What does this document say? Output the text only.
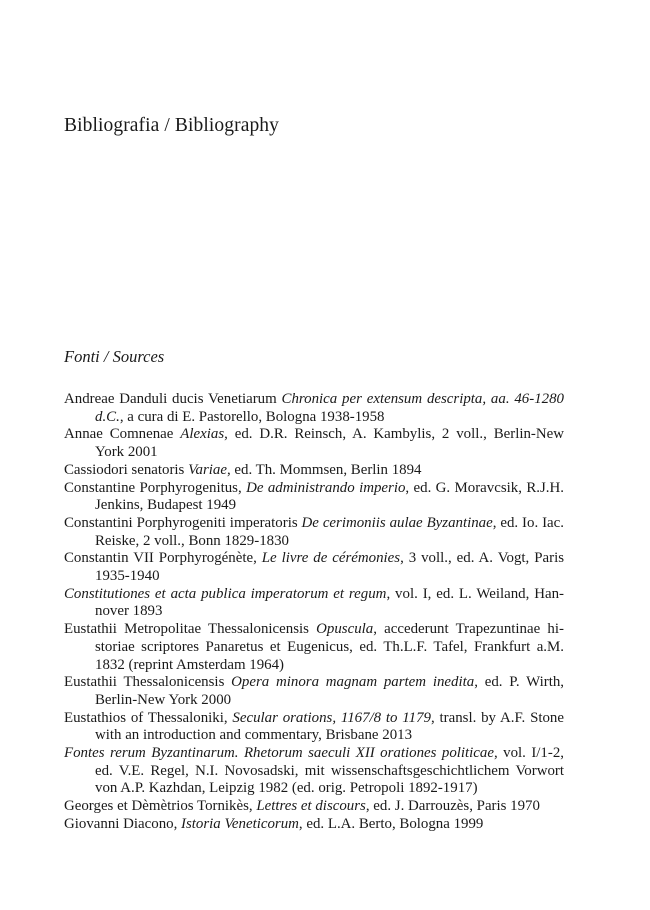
Bibliografia / Bibliography
Fonti / Sources
Andreae Danduli ducis Venetiarum Chronica per extensum descripta, aa. 46-1280 d.C., a cura di E. Pastorello, Bologna 1938-1958
Annae Comnenae Alexias, ed. D.R. Reinsch, A. Kambylis, 2 voll., Berlin-New York 2001
Cassiodori senatoris Variae, ed. Th. Mommsen, Berlin 1894
Constantine Porphyrogenitus, De administrando imperio, ed. G. Moravcsik, R.J.H. Jenkins, Budapest 1949
Constantini Porphyrogeniti imperatoris De cerimoniis aulae Byzantinae, ed. Io. Iac. Reiske, 2 voll., Bonn 1829-1830
Constantin VII Porphyrogénète, Le livre de cérémonies, 3 voll., ed. A. Vogt, Paris 1935-1940
Constitutiones et acta publica imperatorum et regum, vol. I, ed. L. Weiland, Hannover 1893
Eustathii Metropolitae Thessalonicensis Opuscula, accederunt Trapezuntinae historiae scriptores Panaretus et Eugenicus, ed. Th.L.F. Tafel, Frankfurt a.M. 1832 (reprint Amsterdam 1964)
Eustathii Thessalonicensis Opera minora magnam partem inedita, ed. P. Wirth, Berlin-New York 2000
Eustathios of Thessaloniki, Secular orations, 1167/8 to 1179, transl. by A.F. Stone with an introduction and commentary, Brisbane 2013
Fontes rerum Byzantinarum. Rhetorum saeculi XII orationes politicae, vol. I/1-2, ed. V.E. Regel, N.I. Novosadski, mit wissenschaftsgeschichtlichem Vorwort von A.P. Kazhdan, Leipzig 1982 (ed. orig. Petropoli 1892-1917)
Georges et Dèmètrios Tornikès, Lettres et discours, ed. J. Darrouzès, Paris 1970
Giovanni Diacono, Istoria Veneticorum, ed. L.A. Berto, Bologna 1999
